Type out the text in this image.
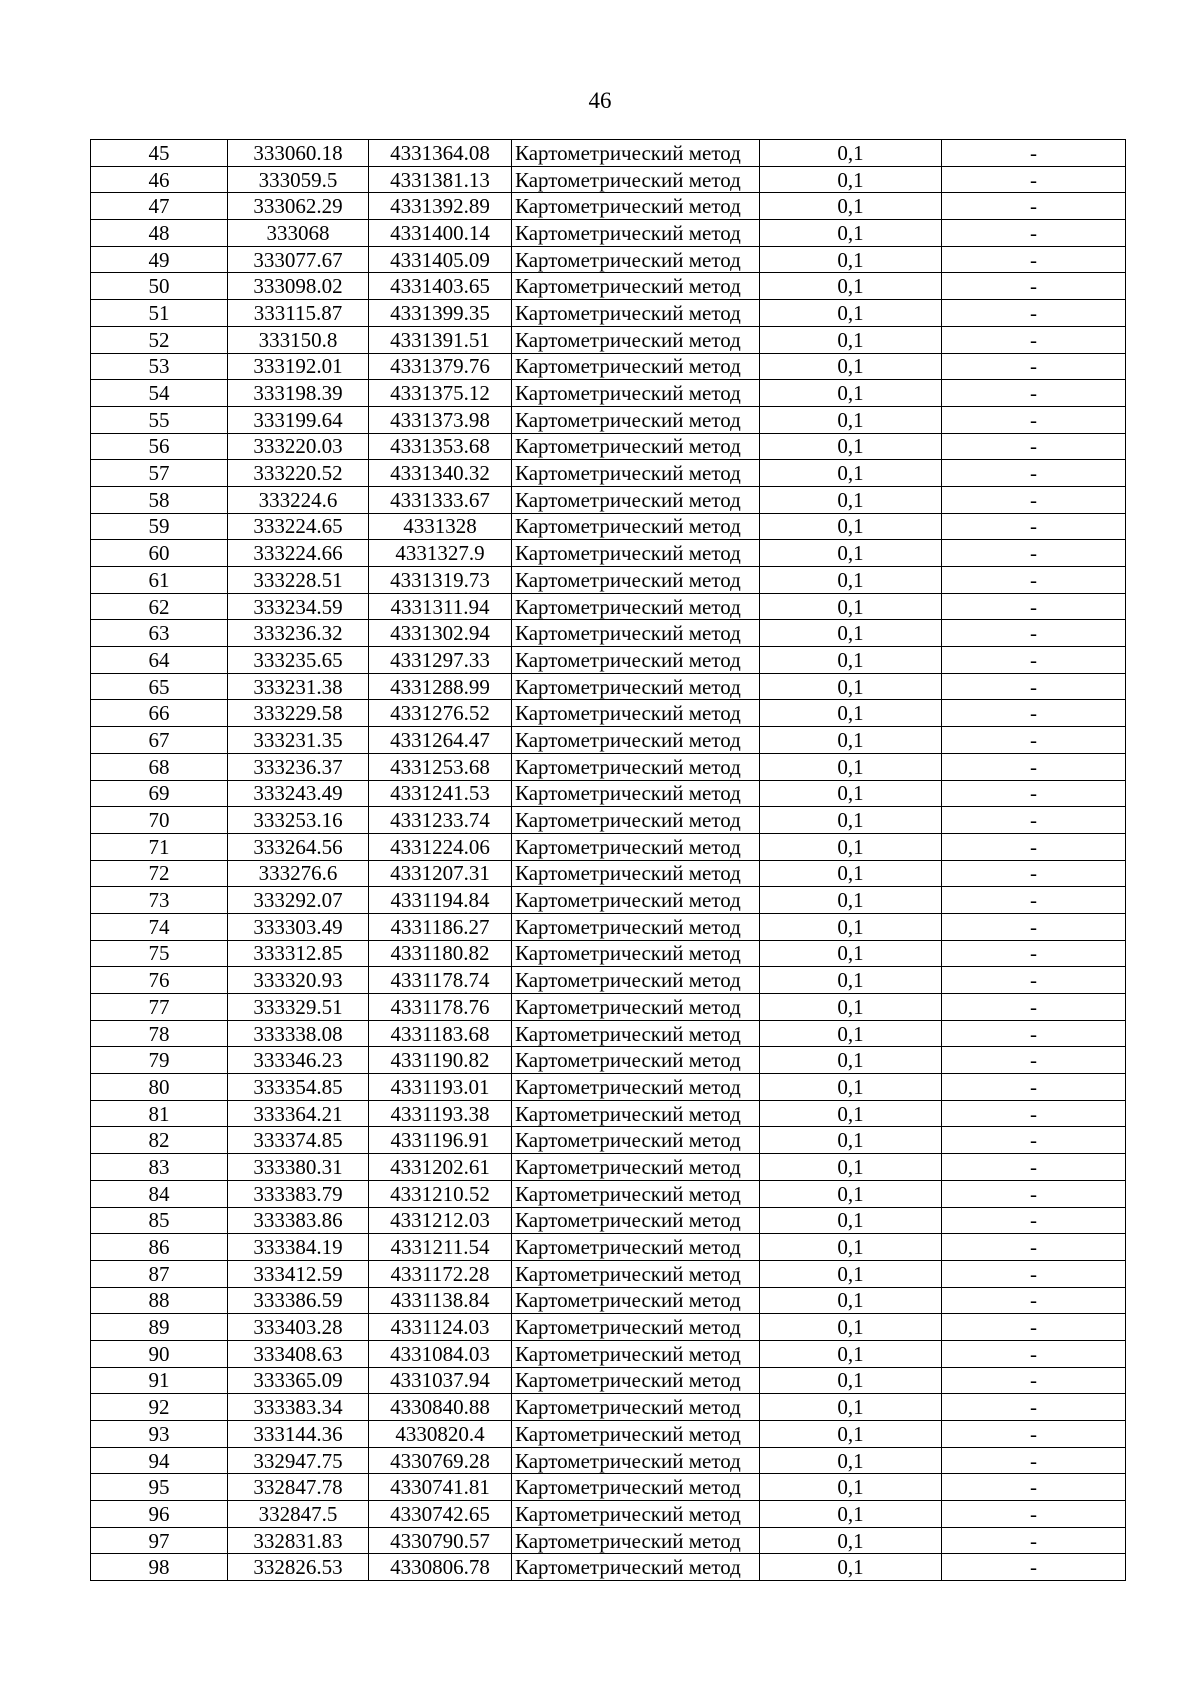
46
45	333060.18	4331364.08	Картометрический метод	0,1	-
46	333059.5	4331381.13	Картометрический метод	0,1	-
47	333062.29	4331392.89	Картометрический метод	0,1	-
48	333068	4331400.14	Картометрический метод	0,1	-
49	333077.67	4331405.09	Картометрический метод	0,1	-
50	333098.02	4331403.65	Картометрический метод	0,1	-
51	333115.87	4331399.35	Картометрический метод	0,1	-
52	333150.8	4331391.51	Картометрический метод	0,1	-
53	333192.01	4331379.76	Картометрический метод	0,1	-
54	333198.39	4331375.12	Картометрический метод	0,1	-
55	333199.64	4331373.98	Картометрический метод	0,1	-
56	333220.03	4331353.68	Картометрический метод	0,1	-
57	333220.52	4331340.32	Картометрический метод	0,1	-
58	333224.6	4331333.67	Картометрический метод	0,1	-
59	333224.65	4331328	Картометрический метод	0,1	-
60	333224.66	4331327.9	Картометрический метод	0,1	-
61	333228.51	4331319.73	Картометрический метод	0,1	-
62	333234.59	4331311.94	Картометрический метод	0,1	-
63	333236.32	4331302.94	Картометрический метод	0,1	-
64	333235.65	4331297.33	Картометрический метод	0,1	-
65	333231.38	4331288.99	Картометрический метод	0,1	-
66	333229.58	4331276.52	Картометрический метод	0,1	-
67	333231.35	4331264.47	Картометрический метод	0,1	-
68	333236.37	4331253.68	Картометрический метод	0,1	-
69	333243.49	4331241.53	Картометрический метод	0,1	-
70	333253.16	4331233.74	Картометрический метод	0,1	-
71	333264.56	4331224.06	Картометрический метод	0,1	-
72	333276.6	4331207.31	Картометрический метод	0,1	-
73	333292.07	4331194.84	Картометрический метод	0,1	-
74	333303.49	4331186.27	Картометрический метод	0,1	-
75	333312.85	4331180.82	Картометрический метод	0,1	-
76	333320.93	4331178.74	Картометрический метод	0,1	-
77	333329.51	4331178.76	Картометрический метод	0,1	-
78	333338.08	4331183.68	Картометрический метод	0,1	-
79	333346.23	4331190.82	Картометрический метод	0,1	-
80	333354.85	4331193.01	Картометрический метод	0,1	-
81	333364.21	4331193.38	Картометрический метод	0,1	-
82	333374.85	4331196.91	Картометрический метод	0,1	-
83	333380.31	4331202.61	Картометрический метод	0,1	-
84	333383.79	4331210.52	Картометрический метод	0,1	-
85	333383.86	4331212.03	Картометрический метод	0,1	-
86	333384.19	4331211.54	Картометрический метод	0,1	-
87	333412.59	4331172.28	Картометрический метод	0,1	-
88	333386.59	4331138.84	Картометрический метод	0,1	-
89	333403.28	4331124.03	Картометрический метод	0,1	-
90	333408.63	4331084.03	Картометрический метод	0,1	-
91	333365.09	4331037.94	Картометрический метод	0,1	-
92	333383.34	4330840.88	Картометрический метод	0,1	-
93	333144.36	4330820.4	Картометрический метод	0,1	-
94	332947.75	4330769.28	Картометрический метод	0,1	-
95	332847.78	4330741.81	Картометрический метод	0,1	-
96	332847.5	4330742.65	Картометрический метод	0,1	-
97	332831.83	4330790.57	Картометрический метод	0,1	-
98	332826.53	4330806.78	Картометрический метод	0,1	-
